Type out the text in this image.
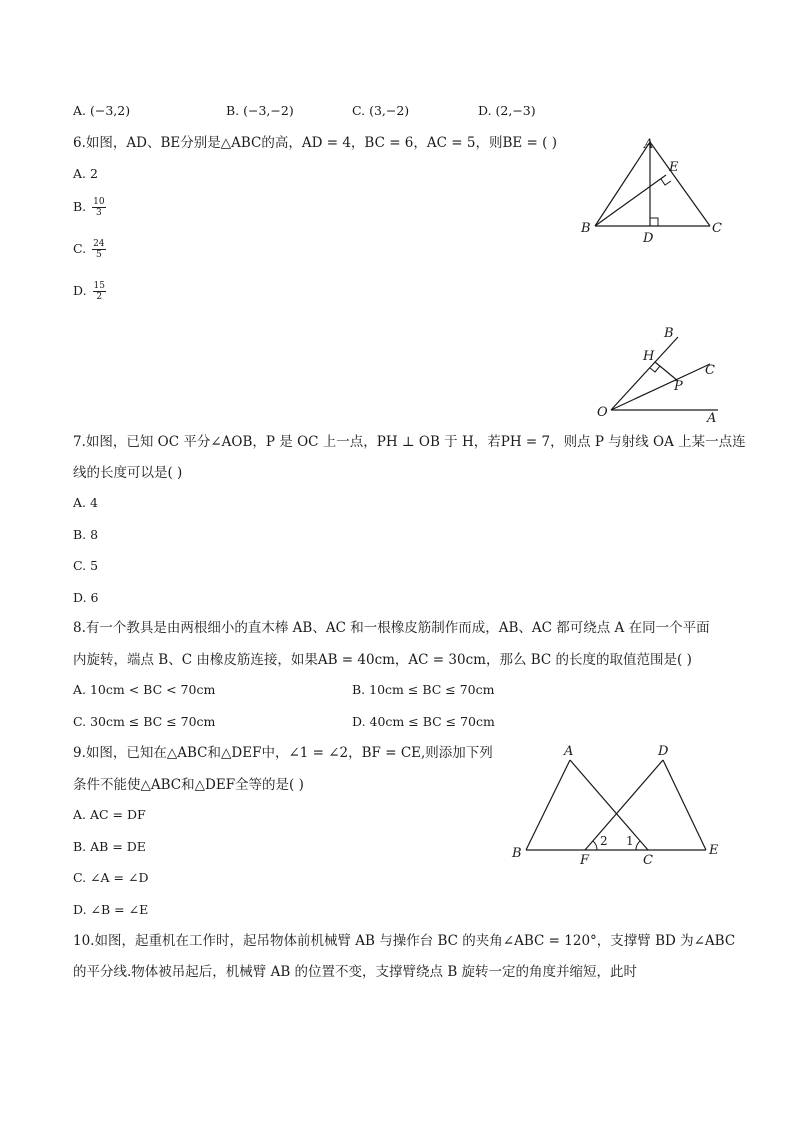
A. (−3,2)	B. (−3,−2)	C. (3,−2)	D. (2,−3)
6.如图，AD、BE分别是△ABC的高，AD = 4，BC = 6，AC = 5，则BE = ( )
A. 2
B. $\frac{10}{3}$
C. $\frac{24}{5}$
D. $\frac{15}{2}$
A
E
B	C
D
B
H
C
P
O	A
7.如图，已知 OC 平分∠AOB，P 是 OC 上一点，PH ⊥ OB 于 H，若PH = 7，则点 P 与射线 OA 上某一点连
线的长度可以是( )
A. 4
B. 8
C. 5
D. 6
8.有一个教具是由两根细小的直木棒 AB、AC 和一根橡皮筋制作而成，AB、AC 都可绕点 A 在同一个平面
内旋转，端点 B、C 由橡皮筋连接，如果AB = 40cm，AC = 30cm，那么 BC 的长度的取值范围是( )
A. 10cm < BC < 70cm	B. 10cm ≤ BC ≤ 70cm
C. 30cm ≤ BC ≤ 70cm	D. 40cm ≤ BC ≤ 70cm
9.如图，已知在△ABC和△DEF中，∠1 = ∠2，BF = CE,则添加下列
条件不能使△ABC和△DEF全等的是( )
A. AC = DF
B. AB = DE
C. ∠A = ∠D
D. ∠B = ∠E
A	D
B	F	C
E
2 1
10.如图，起重机在工作时，起吊物体前机械臂 AB 与操作台 BC 的夹角∠ABC = 120°，支撑臂 BD 为∠ABC
的平分线.物体被吊起后，机械臂 AB 的位置不变，支撑臂绕点 B 旋转一定的角度并缩短，此时
